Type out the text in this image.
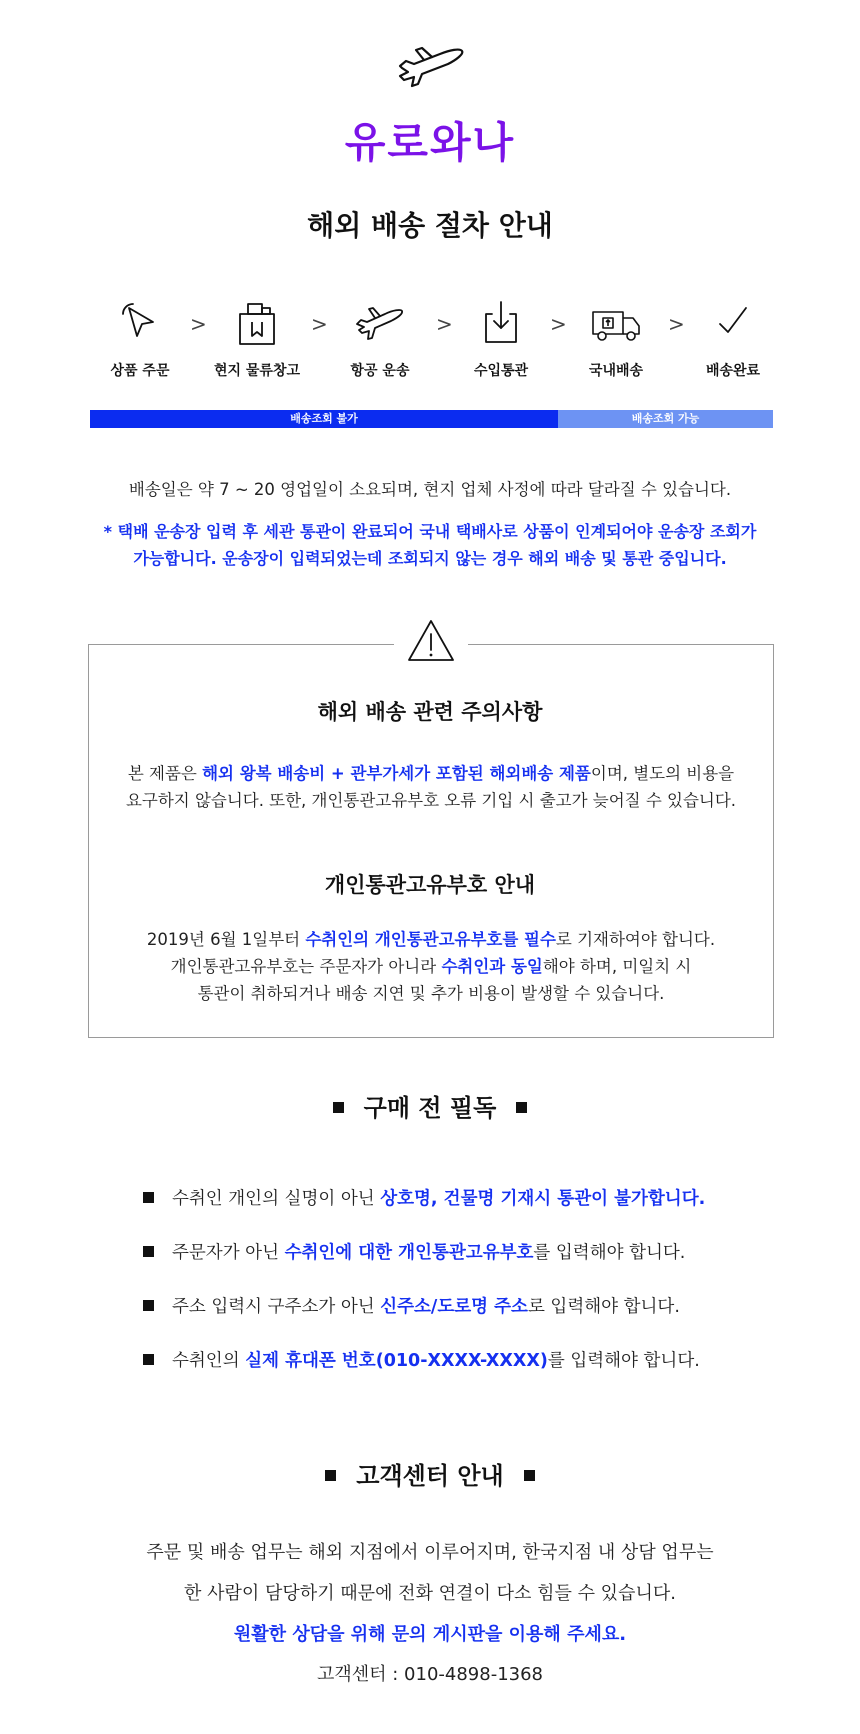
유로와나
해외 배송 절차 안내
상품 주문
>
현지 물류창고
>
항공 운송
>
수입통관
>
국내배송
>
배송완료
배송조회 불가	배송조회 가능
배송일은 약 7 ~ 20 영업일이 소요되며, 현지 업체 사정에 따라 달라질 수 있습니다.
* 택배 운송장 입력 후 세관 통관이 완료되어 국내 택배사로 상품이 인계되어야 운송장 조회가
가능합니다. 운송장이 입력되었는데 조회되지 않는 경우 해외 배송 및 통관 중입니다.
해외 배송 관련 주의사항
본 제품은 해외 왕복 배송비 + 관부가세가 포함된 해외배송 제품이며, 별도의 비용을
요구하지 않습니다. 또한, 개인통관고유부호 오류 기입 시 출고가 늦어질 수 있습니다.
개인통관고유부호 안내
2019년 6월 1일부터 수취인의 개인통관고유부호를 필수로 기재하여야 합니다.
개인통관고유부호는 주문자가 아니라 수취인과 동일해야 하며, 미일치 시
통관이 취하되거나 배송 지연 및 추가 비용이 발생할 수 있습니다.
구매 전 필독
수취인 개인의 실명이 아닌 상호명, 건물명 기재시 통관이 불가합니다.
주문자가 아닌 수취인에 대한 개인통관고유부호를 입력해야 합니다.
주소 입력시 구주소가 아닌 신주소/도로명 주소로 입력해야 합니다.
수취인의 실제 휴대폰 번호(010-XXXX-XXXX)를 입력해야 합니다.
고객센터 안내
주문 및 배송 업무는 해외 지점에서 이루어지며, 한국지점 내 상담 업무는
한 사람이 담당하기 때문에 전화 연결이 다소 힘들 수 있습니다.
원활한 상담을 위해 문의 게시판을 이용해 주세요.
고객센터 : 010-4898-1368
